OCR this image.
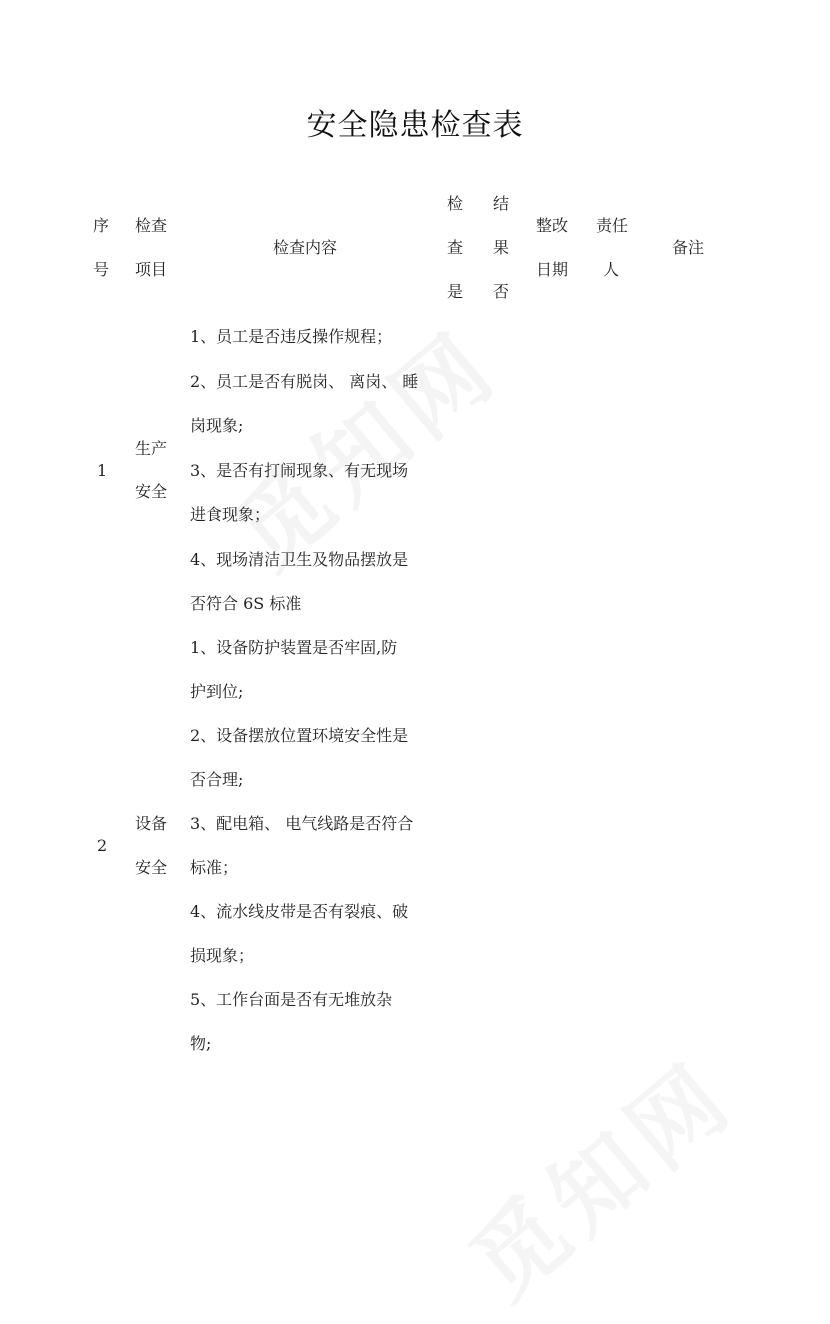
安全隐患检查表
序
号
检查
项目
检查内容
检
查
是
结
果
否
整改
日期
责任
人
备注
1
生产
安全
1、员工是否违反操作规程；
2、员工是否有脱岗、 离岗、 睡
岗现象;
3、是否有打闹现象、有无现场
进食现象；
4、现场清洁卫生及物品摆放是
否符合 6S 标准
2
设备
安全
1、设备防护装置是否牢固,防
护到位;
2、设备摆放位置环境安全性是
否合理;
3、配电箱、 电气线路是否符合
标准；
4、流水线皮带是否有裂痕、破
损现象；
5、工作台面是否有无堆放杂
物;
